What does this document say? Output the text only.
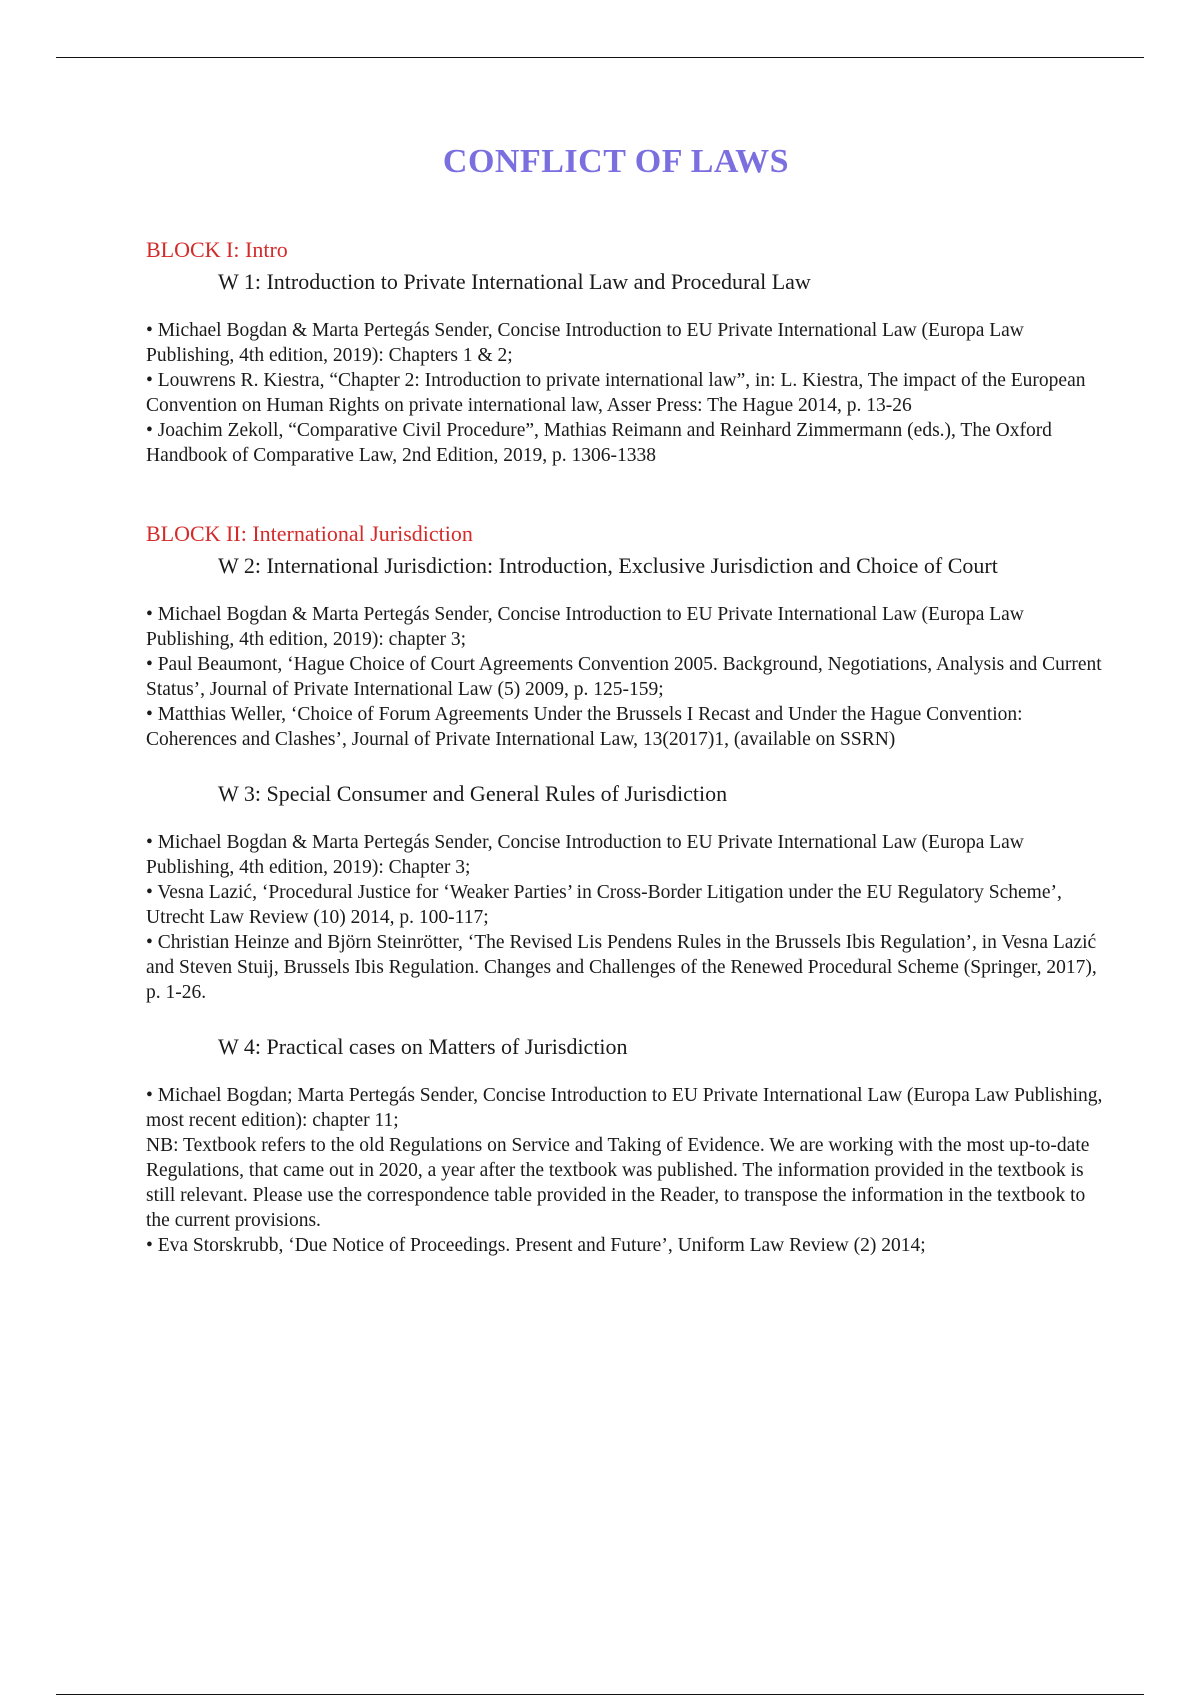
CONFLICT OF LAWS

BLOCK I: Intro

W 1: Introduction to Private International Law and Procedural Law

• Michael Bogdan & Marta Pertegás Sender, Concise Introduction to EU Private International Law (Europa Law Publishing, 4th edition, 2019): Chapters 1 & 2;

• Louwrens R. Kiestra, “Chapter 2: Introduction to private international law”, in: L. Kiestra, The impact of the European Convention on Human Rights on private international law, Asser Press: The Hague 2014, p. 13-26

• Joachim Zekoll, “Comparative Civil Procedure”, Mathias Reimann and Reinhard Zimmermann (eds.), The Oxford Handbook of Comparative Law, 2nd Edition, 2019, p. 1306-1338

BLOCK II: International Jurisdiction

W 2: International Jurisdiction: Introduction, Exclusive Jurisdiction and Choice of Court

• Michael Bogdan & Marta Pertegás Sender, Concise Introduction to EU Private International Law (Europa Law Publishing, 4th edition, 2019): chapter 3;

• Paul Beaumont, ‘Hague Choice of Court Agreements Convention 2005. Background, Negotiations, Analysis and Current Status’, Journal of Private International Law (5) 2009, p. 125-159;

• Matthias Weller, ‘Choice of Forum Agreements Under the Brussels I Recast and Under the Hague Convention: Coherences and Clashes’, Journal of Private International Law, 13(2017)1, (available on SSRN)

W 3: Special Consumer and General Rules of Jurisdiction

• Michael Bogdan & Marta Pertegás Sender, Concise Introduction to EU Private International Law (Europa Law Publishing, 4th edition, 2019): Chapter 3;

• Vesna Lazić, ‘Procedural Justice for ‘Weaker Parties’ in Cross-Border Litigation under the EU Regulatory Scheme’, Utrecht Law Review (10) 2014, p. 100-117;

• Christian Heinze and Björn Steinrötter, ‘The Revised Lis Pendens Rules in the Brussels Ibis Regulation’, in Vesna Lazić and Steven Stuij, Brussels Ibis Regulation. Changes and Challenges of the Renewed Procedural Scheme (Springer, 2017), p. 1-26.

W 4: Practical cases on Matters of Jurisdiction

• Michael Bogdan; Marta Pertegás Sender, Concise Introduction to EU Private International Law (Europa Law Publishing, most recent edition): chapter 11;

NB: Textbook refers to the old Regulations on Service and Taking of Evidence. We are working with the most up-to-date Regulations, that came out in 2020, a year after the textbook was published. The information provided in the textbook is still relevant. Please use the correspondence table provided in the Reader, to transpose the information in the textbook to the current provisions.

• Eva Storskrubb, ‘Due Notice of Proceedings. Present and Future’, Uniform Law Review (2) 2014;
